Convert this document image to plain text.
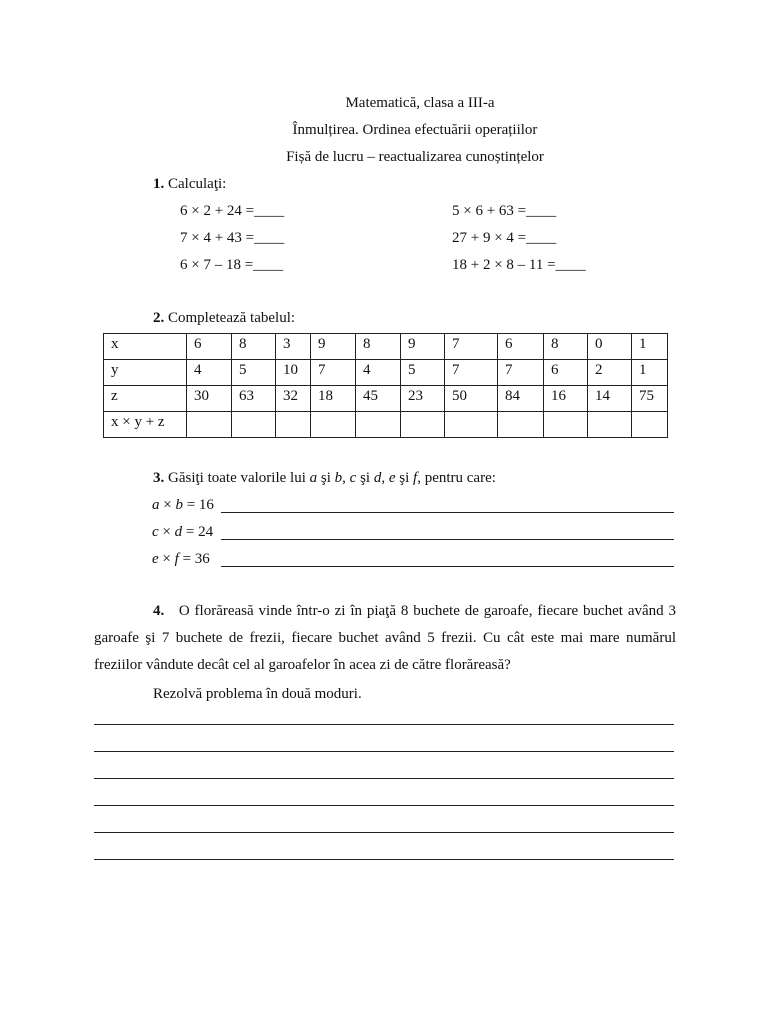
Matematică, clasa a III-a
Înmulțirea. Ordinea efectuării operațiilor
Fișă de lucru – reactualizarea cunoștințelor
1. Calculaţi:
6 × 2 + 24 =____
7 × 4 + 43 =____
6 × 7 – 18 =____
5 × 6 + 63 =____
27 + 9 × 4 =____
18 + 2 × 8 – 11 =____
2. Completează tabelul:
x	6	8	3	9	8	9	7	6	8	0	1
y	4	5	10	7	4	5	7	7	6	2	1
z	30	63	32	18	45	23	50	84	16	14	75
x × y + z											
3. Găsiţi toate valorile lui a şi b, c şi d, e şi f, pentru care:
a × b = 16
c × d = 24
e × f = 36
4. O florăreasă vinde într-o zi în piaţă 8 buchete de garoafe, fiecare buchet având 3 garoafe şi 7 buchete de frezii, fiecare buchet având 5 frezii. Cu cât este mai mare numărul freziilor vândute decât cel al garoafelor în acea zi de către florăreasă?
Rezolvă problema în două moduri.
